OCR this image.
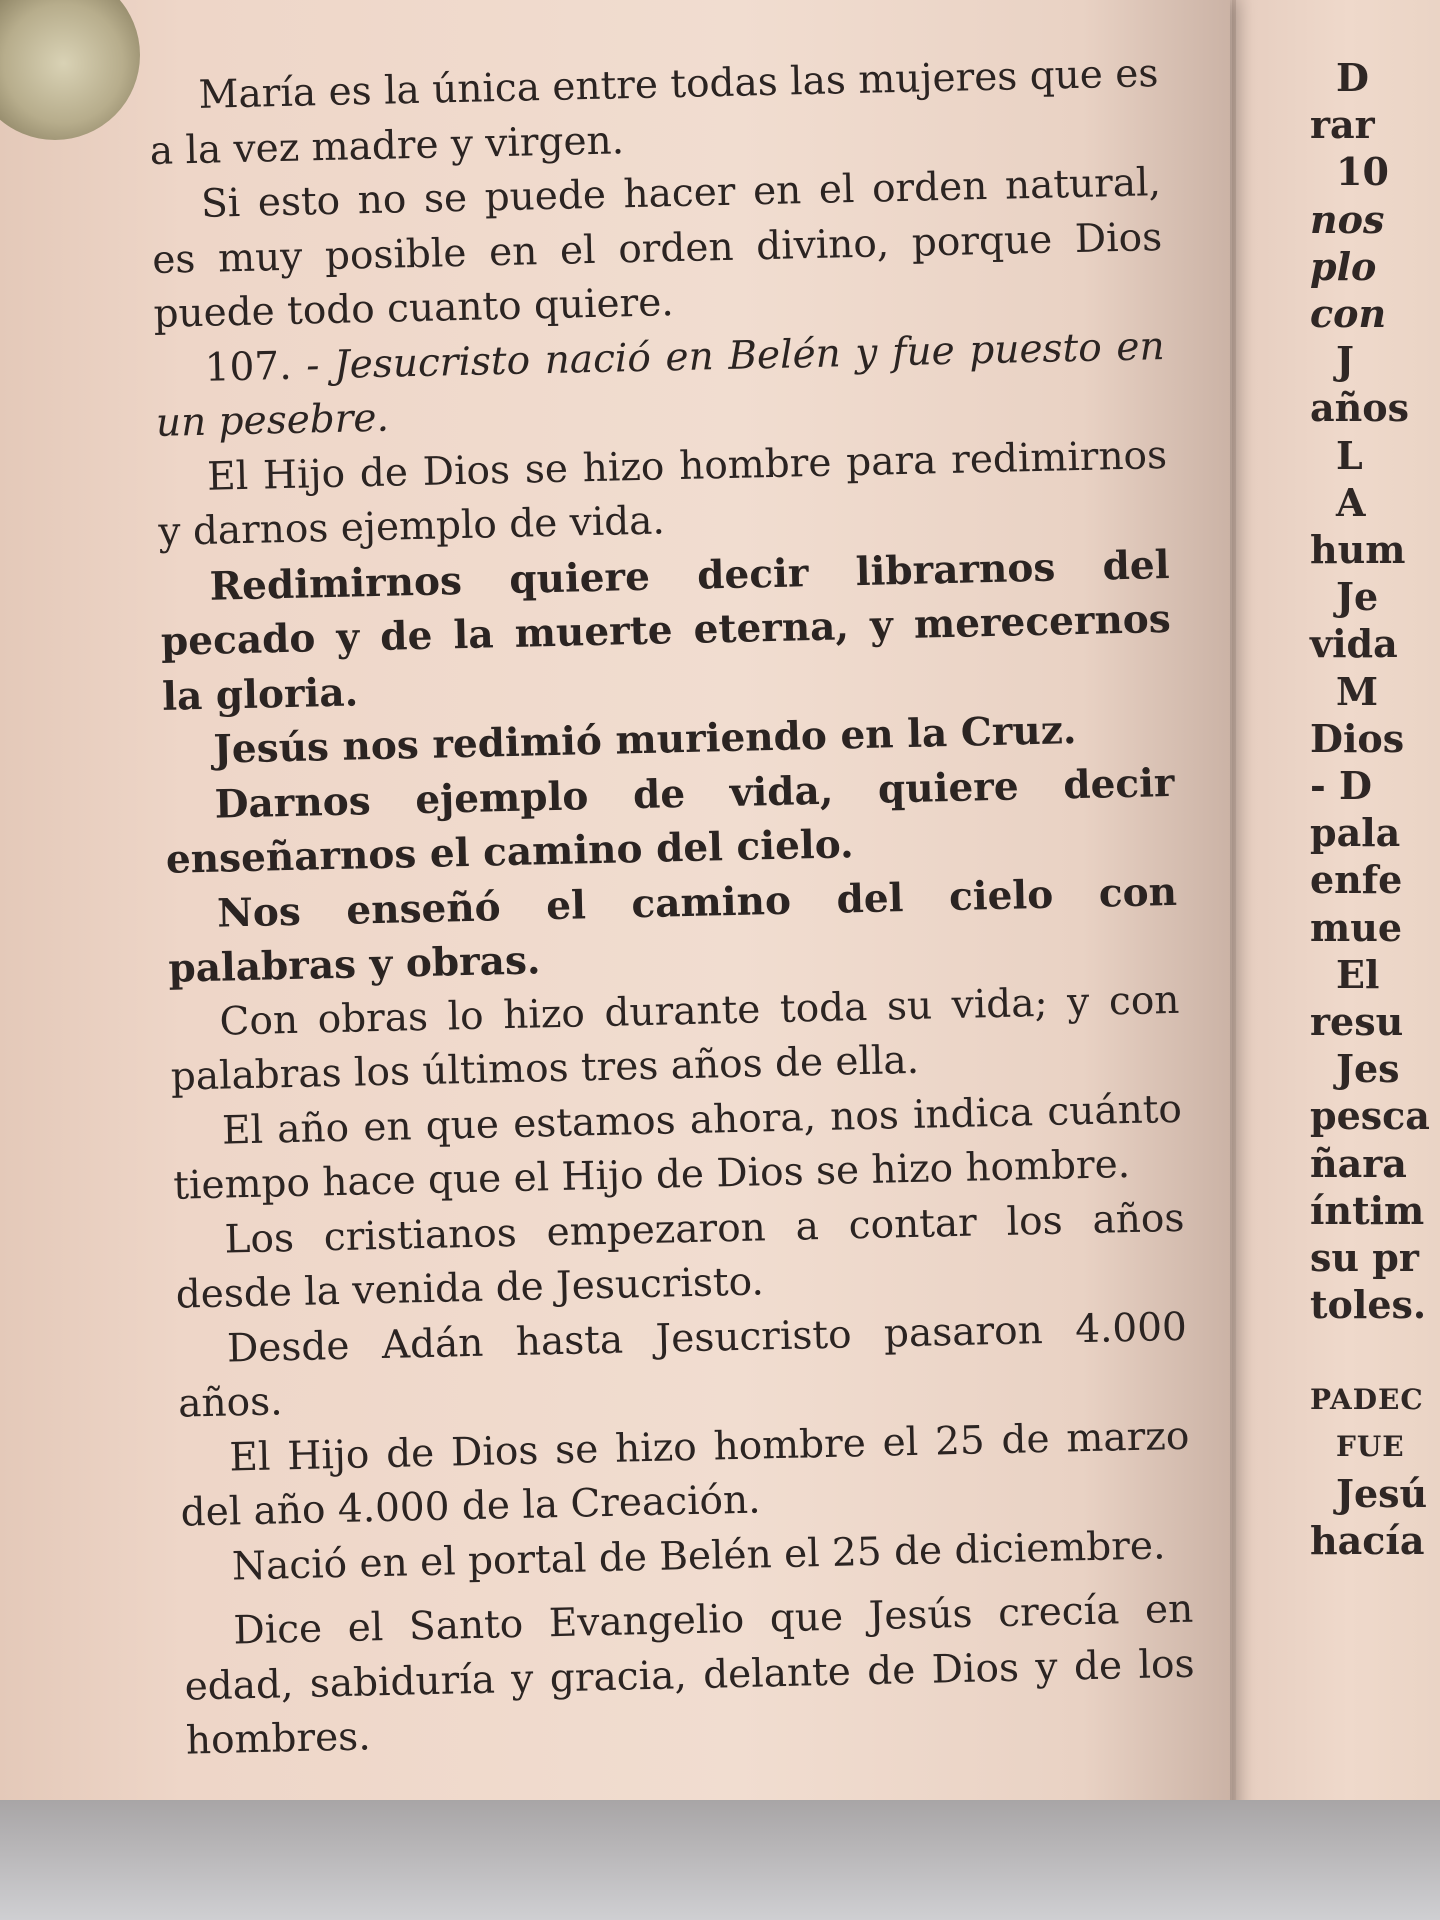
D
rar
10
nos
plo
con
J
años
L
A
hum
Je
vida
M
Dios
- D
pala
enfe
mue
El
resu
Jes
pesca
ñara
íntim
su pr
toles.

PADEC
FUE
Jesú
hacía

María es la única entre todas las mujeres que es a la vez madre y virgen.

Si esto no se puede hacer en el orden natural, es muy posible en el orden divino, porque Dios puede todo cuanto quiere.

107. - Jesucristo nació en Belén y fue puesto en un pesebre.

El Hijo de Dios se hizo hombre para redimirnos y darnos ejemplo de vida.

Redimirnos quiere decir librarnos del pecado y de la muerte eterna, y merecernos la gloria.

Jesús nos redimió muriendo en la Cruz.

Darnos ejemplo de vida, quiere decir enseñarnos el camino del cielo.

Nos enseñó el camino del cielo con palabras y obras.

Con obras lo hizo durante toda su vida; y con palabras los últimos tres años de ella.

El año en que estamos ahora, nos indica cuánto tiempo hace que el Hijo de Dios se hizo hombre.

Los cristianos empezaron a contar los años desde la venida de Jesucristo.

Desde Adán hasta Jesucristo pasaron 4.000 años.

El Hijo de Dios se hizo hombre el 25 de marzo del año 4.000 de la Creación.

Nació en el portal de Belén el 25 de diciembre.

Dice el Santo Evangelio que Jesús crecía en edad, sabiduría y gracia, delante de Dios y de los hombres.
